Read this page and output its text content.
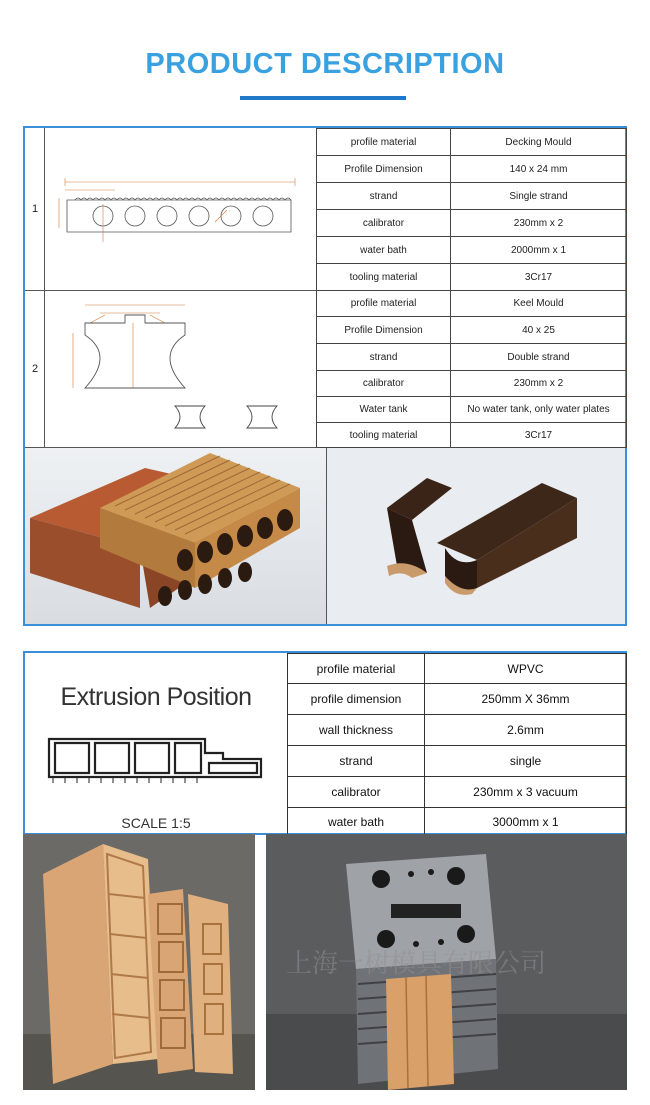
PRODUCT DESCRIPTION
1
2
profile material	Decking Mould
Profile Dimension	140 x 24 mm
strand	Single strand
calibrator	230mm x 2
water bath	2000mm x 1
tooling material	3Cr17
profile material	Keel Mould
Profile Dimension	40 x 25
strand	Double strand
calibrator	230mm x 2
Water tank	No water tank, only water plates
tooling material	3Cr17
Extrusion Position
SCALE 1:5
profile material	WPVC
profile dimension	250mm X 36mm
wall thickness	2.6mm
strand	single
calibrator	230mm x 3 vacuum
water bath	3000mm x 1
上海一树模具有限公司
